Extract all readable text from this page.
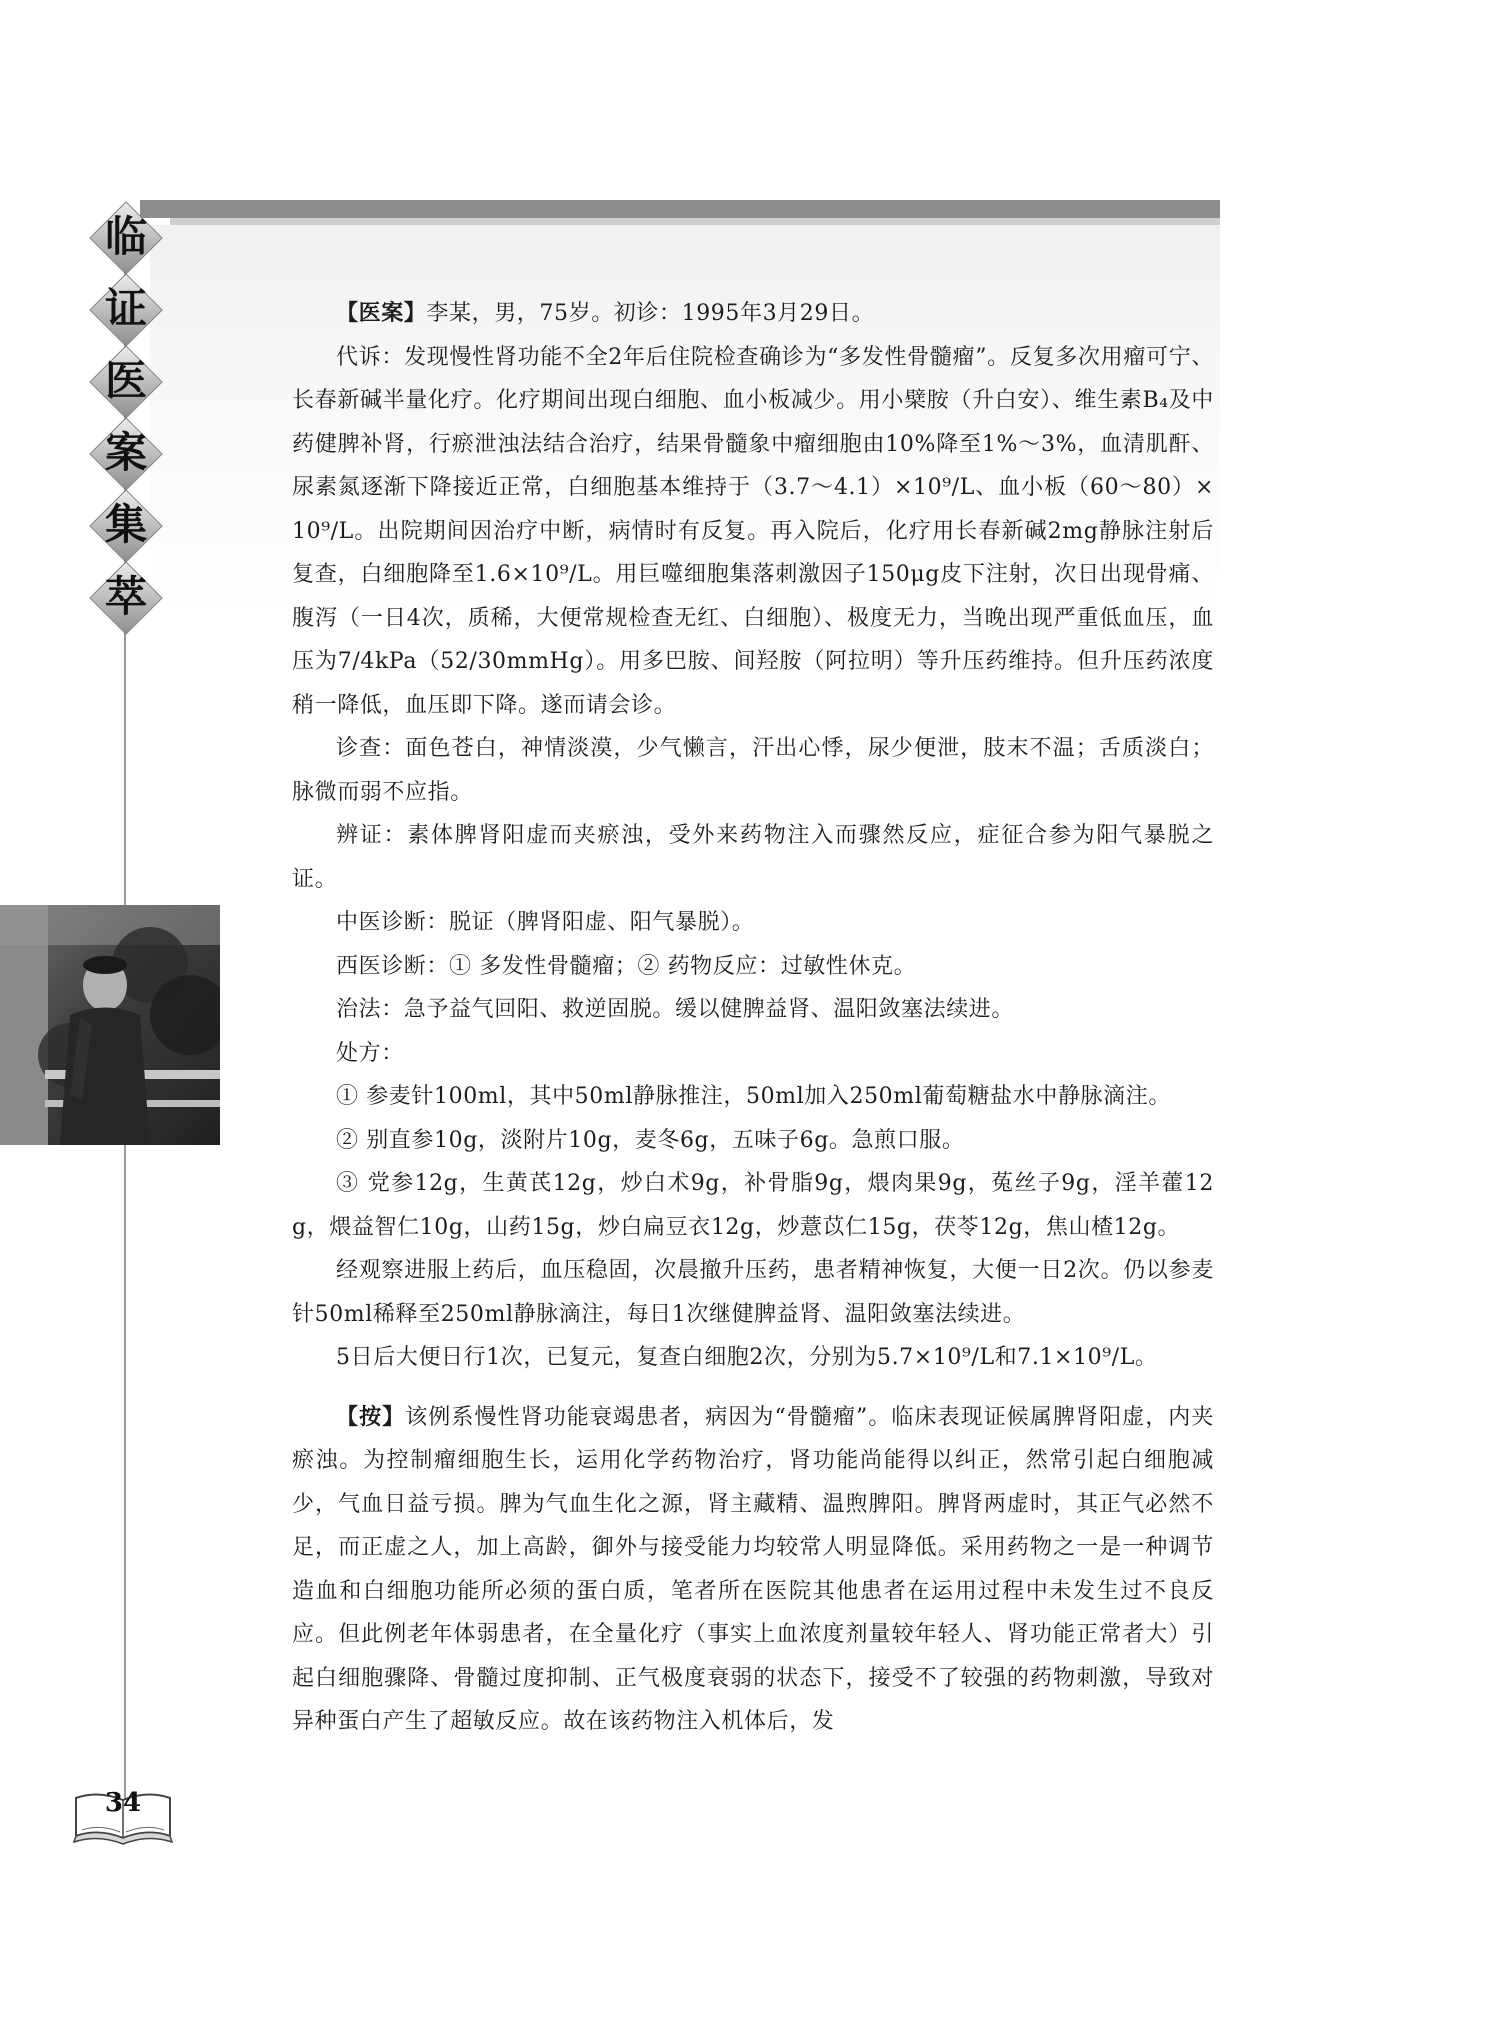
临
证
医
案
集
萃

【医案】李某，男，75岁。初诊：1995年3月29日。

代诉：发现慢性肾功能不全2年后住院检查确诊为“多发性骨髓瘤”。反复多次用瘤可宁、长春新碱半量化疗。化疗期间出现白细胞、血小板减少。用小檗胺（升白安）、维生素B₄及中药健脾补肾，行瘀泄浊法结合治疗，结果骨髓象中瘤细胞由10%降至1%～3%，血清肌酐、尿素氮逐渐下降接近正常，白细胞基本维持于（3.7～4.1）×10⁹/L、血小板（60～80）×10⁹/L。出院期间因治疗中断，病情时有反复。再入院后，化疗用长春新碱2mg静脉注射后复查，白细胞降至1.6×10⁹/L。用巨噬细胞集落刺激因子150μg皮下注射，次日出现骨痛、腹泻（一日4次，质稀，大便常规检查无红、白细胞）、极度无力，当晚出现严重低血压，血压为7/4kPa（52/30mmHg）。用多巴胺、间羟胺（阿拉明）等升压药维持。但升压药浓度稍一降低，血压即下降。遂而请会诊。

诊查：面色苍白，神情淡漠，少气懒言，汗出心悸，尿少便泄，肢末不温；舌质淡白；脉微而弱不应指。

辨证：素体脾肾阳虚而夹瘀浊，受外来药物注入而骤然反应，症征合参为阳气暴脱之证。

中医诊断：脱证（脾肾阳虚、阳气暴脱）。

西医诊断：① 多发性骨髓瘤；② 药物反应：过敏性休克。

治法：急予益气回阳、救逆固脱。缓以健脾益肾、温阳敛塞法续进。

处方：

① 参麦针100ml，其中50ml静脉推注，50ml加入250ml葡萄糖盐水中静脉滴注。

② 别直参10g，淡附片10g，麦冬6g，五味子6g。急煎口服。

③ 党参12g，生黄芪12g，炒白术9g，补骨脂9g，煨肉果9g，菟丝子9g，淫羊藿12g，煨益智仁10g，山药15g，炒白扁豆衣12g，炒薏苡仁15g，茯苓12g，焦山楂12g。

经观察进服上药后，血压稳固，次晨撤升压药，患者精神恢复，大便一日2次。仍以参麦针50ml稀释至250ml静脉滴注，每日1次继健脾益肾、温阳敛塞法续进。

5日后大便日行1次，已复元，复查白细胞2次，分别为5.7×10⁹/L和7.1×10⁹/L。

【按】该例系慢性肾功能衰竭患者，病因为“骨髓瘤”。临床表现证候属脾肾阳虚，内夹瘀浊。为控制瘤细胞生长，运用化学药物治疗，肾功能尚能得以纠正，然常引起白细胞减少，气血日益亏损。脾为气血生化之源，肾主藏精、温煦脾阳。脾肾两虚时，其正气必然不足，而正虚之人，加上高龄，御外与接受能力均较常人明显降低。采用药物之一是一种调节造血和白细胞功能所必须的蛋白质，笔者所在医院其他患者在运用过程中未发生过不良反应。但此例老年体弱患者，在全量化疗（事实上血浓度剂量较年轻人、肾功能正常者大）引起白细胞骤降、骨髓过度抑制、正气极度衰弱的状态下，接受不了较强的药物刺激，导致对异种蛋白产生了超敏反应。故在该药物注入机体后，发

34
